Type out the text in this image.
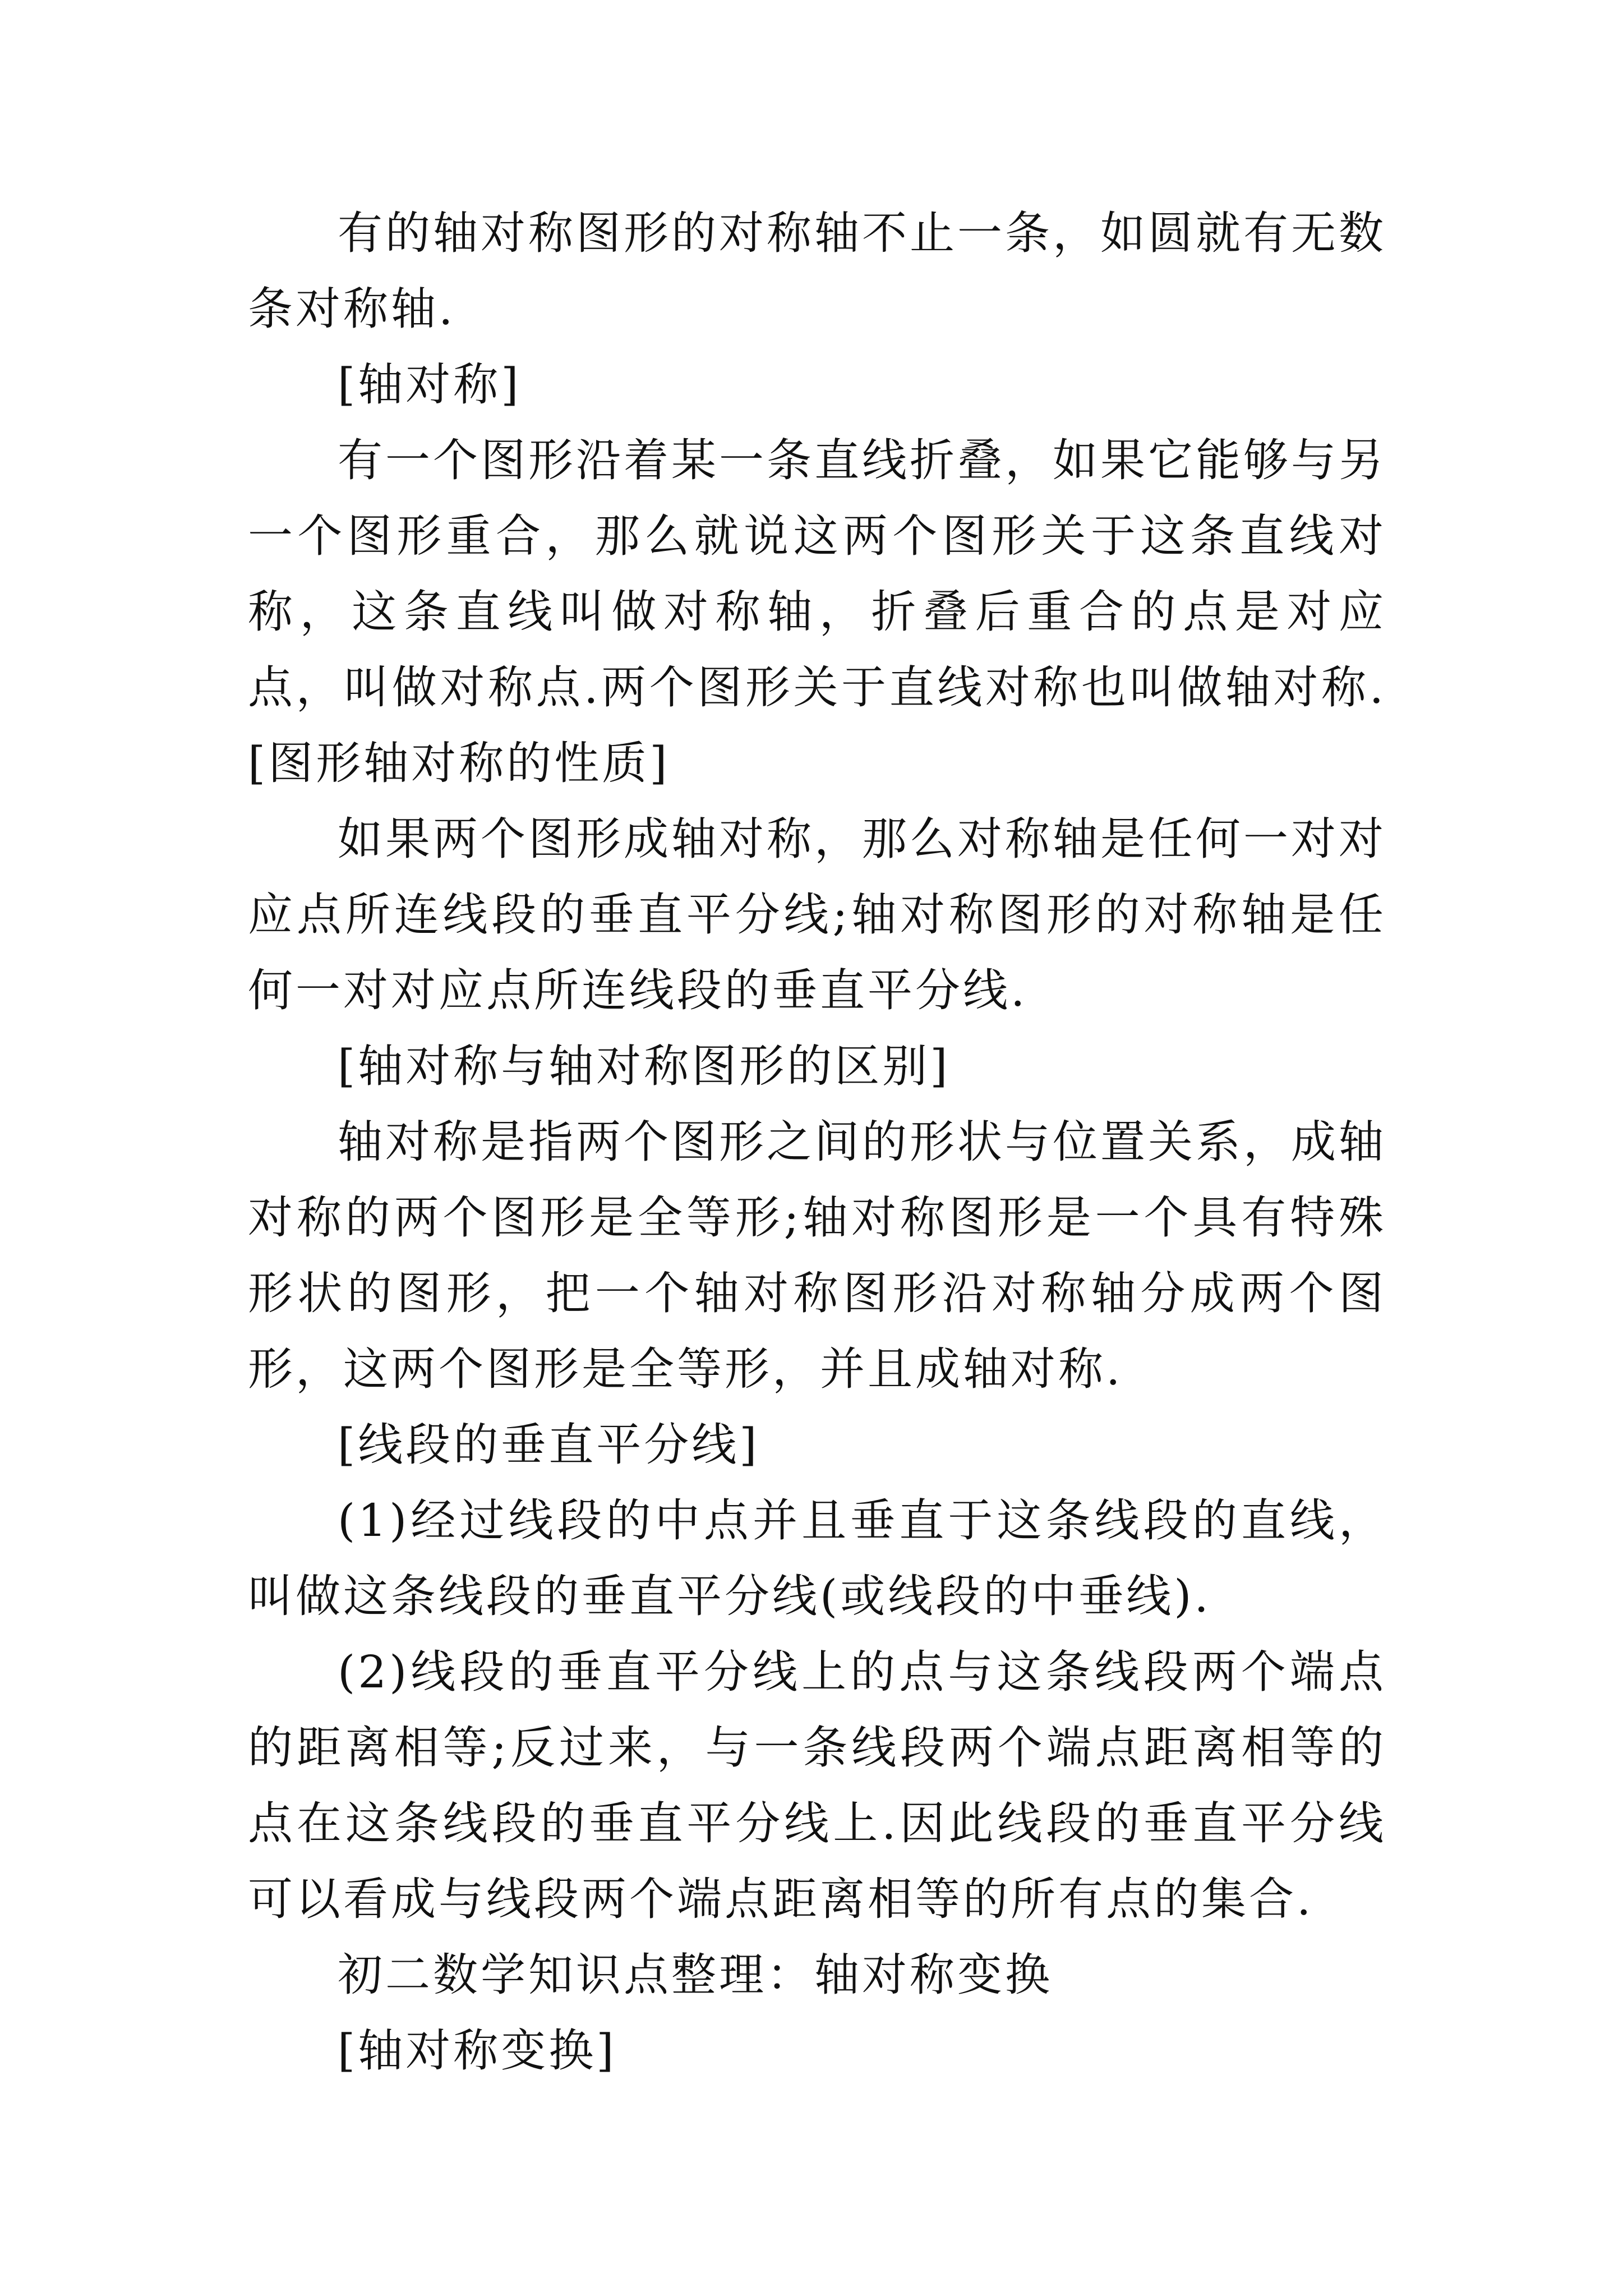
有的轴对称图形的对称轴不止一条，如圆就有无数条对称轴.

[轴对称]

有一个图形沿着某一条直线折叠，如果它能够与另一个图形重合，那么就说这两个图形关于这条直线对称，这条直线叫做对称轴，折叠后重合的点是对应点，叫做对称点.两个图形关于直线对称也叫做轴对称.[图形轴对称的性质]

如果两个图形成轴对称，那么对称轴是任何一对对应点所连线段的垂直平分线;轴对称图形的对称轴是任何一对对应点所连线段的垂直平分线.

[轴对称与轴对称图形的区别]

轴对称是指两个图形之间的形状与位置关系，成轴对称的两个图形是全等形;轴对称图形是一个具有特殊形状的图形，把一个轴对称图形沿对称轴分成两个图形，这两个图形是全等形，并且成轴对称.

[线段的垂直平分线]

(1)经过线段的中点并且垂直于这条线段的直线，叫做这条线段的垂直平分线(或线段的中垂线).

(2)线段的垂直平分线上的点与这条线段两个端点的距离相等;反过来，与一条线段两个端点距离相等的点在这条线段的垂直平分线上.因此线段的垂直平分线可以看成与线段两个端点距离相等的所有点的集合.

初二数学知识点整理：轴对称变换

[轴对称变换]
